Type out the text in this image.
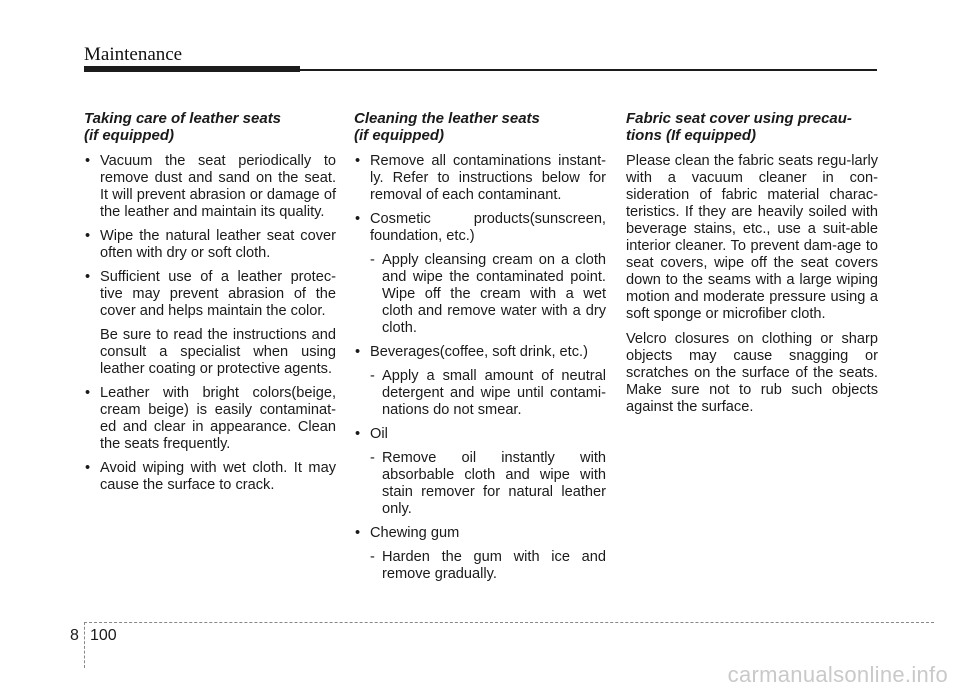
Maintenance
Taking care of leather seats
(if equipped)
• Vacuum the seat periodically to remove dust and sand on the seat. It will prevent abrasion or damage of the leather and maintain its quality.

• Wipe the natural leather seat cover often with dry or soft cloth.

• Sufficient use of a leather protec-tive may prevent abrasion of the cover and helps maintain the color.

Be sure to read the instructions and consult a specialist when using leather coating or protective agents.

• Leather with bright colors(beige, cream beige) is easily contaminat-ed and clear in appearance. Clean the seats frequently.

• Avoid wiping with wet cloth. It may cause the surface to crack.

Cleaning the leather seats
(if equipped)
• Remove all contaminations instant-ly. Refer to instructions below for removal of each contaminant.

• Cosmetic products(sunscreen, foundation, etc.)

- Apply cleansing cream on a cloth and wipe the contaminated point. Wipe off the cream with a wet cloth and remove water with a dry cloth.
• Beverages(coffee, soft drink, etc.)

- Apply a small amount of neutral detergent and wipe until contami-nations do not smear.
• Oil

- Remove oil instantly with absorbable cloth and wipe with stain remover for natural leather only.
• Chewing gum

- Harden the gum with ice and remove gradually.
Fabric seat cover using precau-
tions (If equipped)

Please clean the fabric seats regu-larly with a vacuum cleaner in con-sideration of fabric material charac-teristics. If they are heavily soiled with beverage stains, etc., use a suit-able interior cleaner. To prevent dam-age to seat covers, wipe off the seat covers down to the seams with a large wiping motion and moderate pressure using a soft sponge or microfiber cloth.

Velcro closures on clothing or sharp objects may cause snagging or scratches on the surface of the seats. Make sure not to rub such objects against the surface.

8 100
carmanualsonline.info
